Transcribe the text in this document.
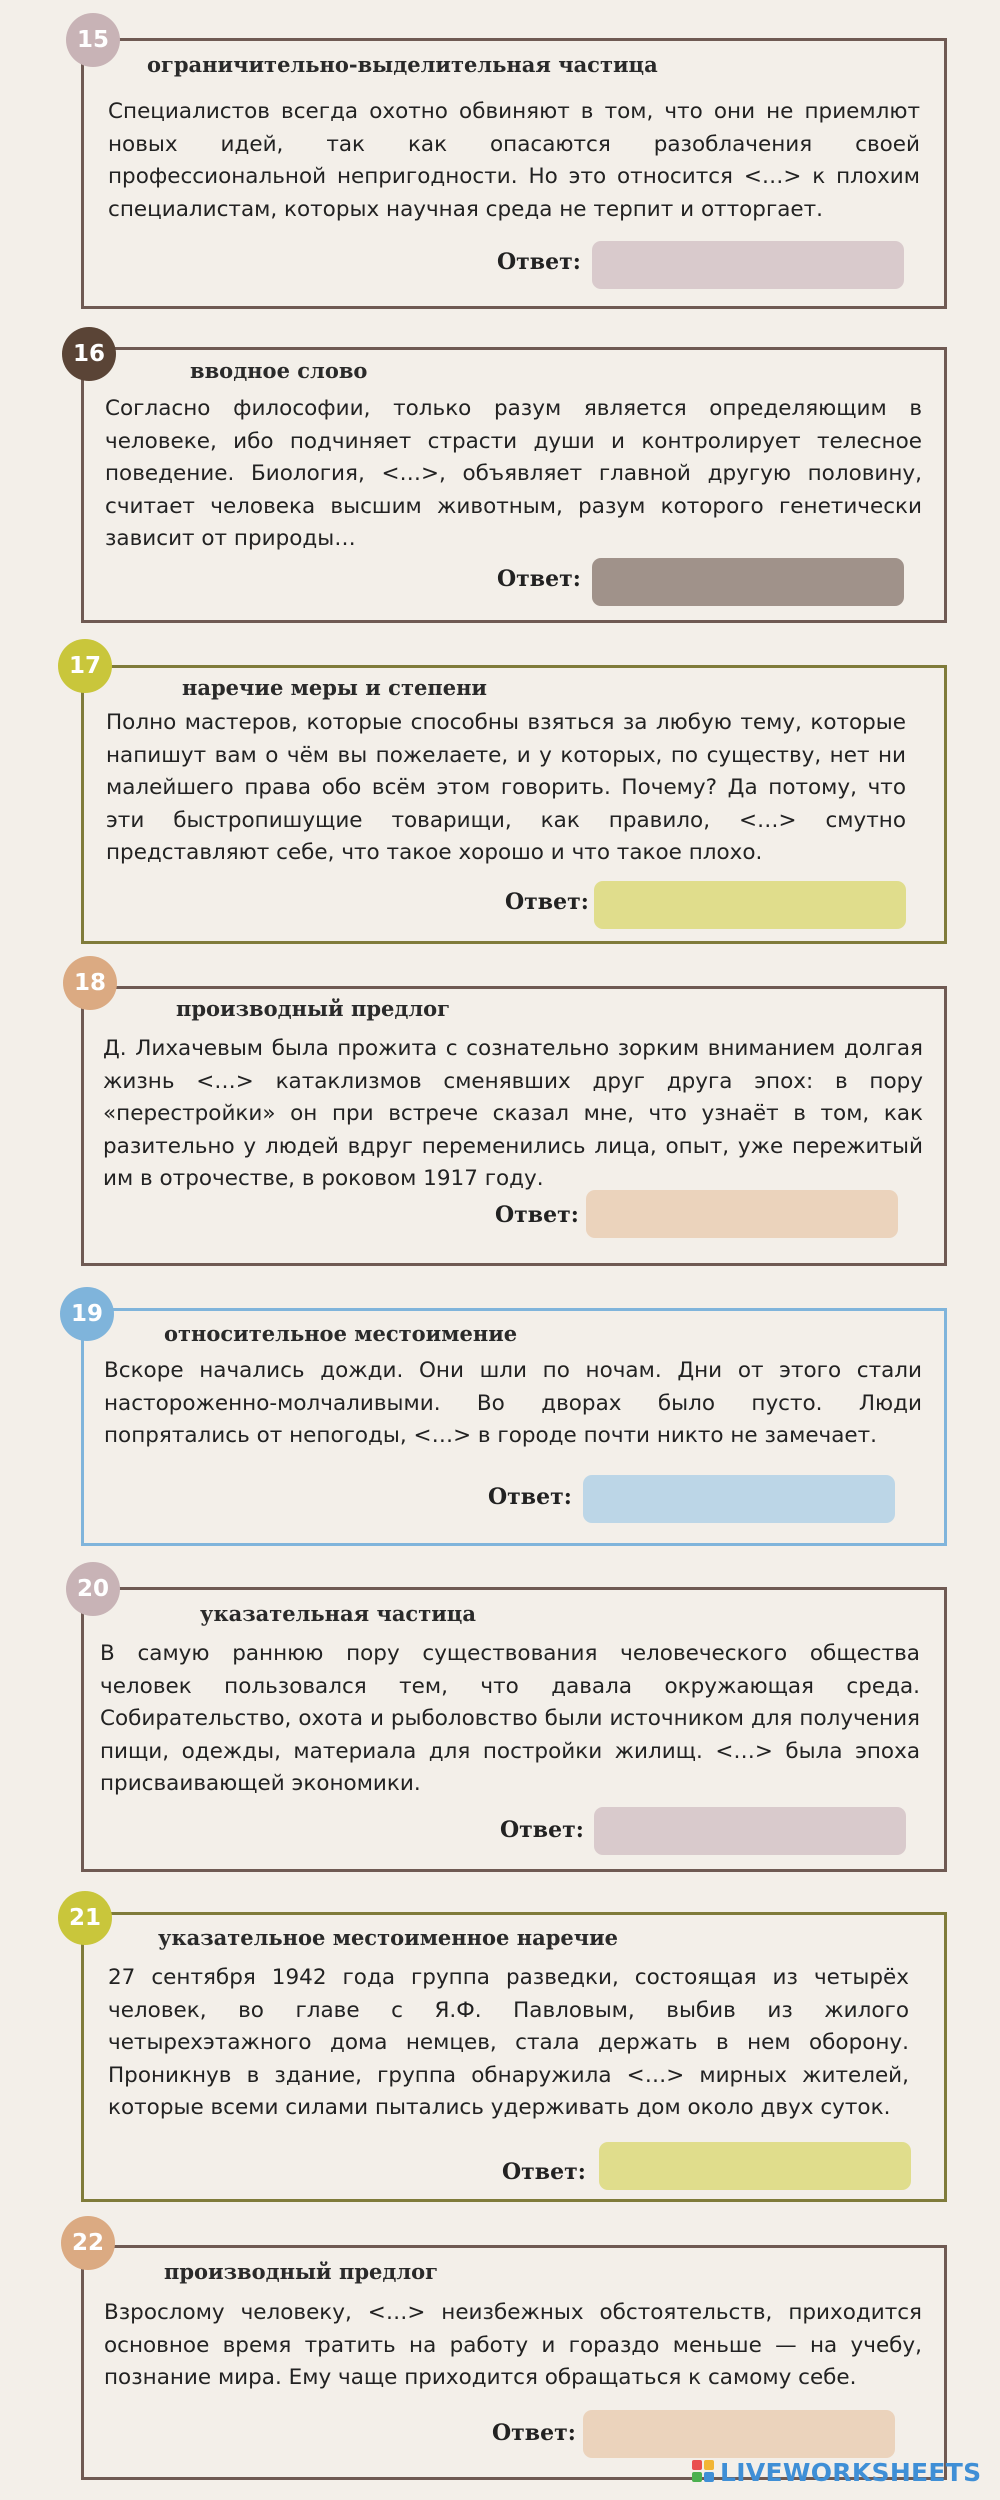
15
ограничительно-выделительная частица
Специалистов всегда охотно обвиняют в том, что они не приемлют новых идей, так как опасаются разоблачения своей профессиональной непригодности. Но это относится <…> к плохим специалистам, которых научная среда не терпит и отторгает.
Ответ:
16
вводное слово
Согласно философии, только разум является определяющим в человеке, ибо подчиняет страсти души и контролирует телесное поведение. Биология, <…>, объявляет главной другую половину, считает человека высшим животным, разум которого генетически зависит от природы…
Ответ:
17
наречие меры и степени
Полно мастеров, которые способны взяться за любую тему, которые напишут вам о чём вы пожелаете, и у которых, по существу, нет ни малейшего права обо всём этом говорить. Почему? Да потому, что эти быстропишущие товарищи, как правило, <…> смутно представляют себе, что такое хорошо и что такое плохо.
Ответ:
18
производный предлог
Д. Лихачевым была прожита с сознательно зорким вниманием долгая жизнь <…> катаклизмов сменявших друг друга эпох: в пору «перестройки» он при встрече сказал мне, что узнаёт в том, как разительно у людей вдруг переменились лица, опыт, уже пережитый им в отрочестве, в роковом 1917 году.
Ответ:
19
относительное местоимение
Вскоре начались дожди. Они шли по ночам. Дни от этого стали настороженно-молчаливыми. Во дворах было пусто. Люди попрятались от непогоды, <…> в городе почти никто не замечает.
Ответ:
20
указательная частица
В самую раннюю пору существования человеческого общества человек пользовался тем, что давала окружающая среда. Собирательство, охота и рыболовство были источником для получения пищи, одежды, материала для постройки жилищ. <…> была эпоха присваивающей экономики.
Ответ:
21
указательное местоименное наречие
27 сентября 1942 года группа разведки, состоящая из четырёх человек, во главе с Я.Ф. Павловым, выбив из жилого четырехэтажного дома немцев, стала держать в нем оборону. Проникнув в здание, группа обнаружила <…> мирных жителей, которые всеми силами пытались удерживать дом около двух суток.
Ответ:
22
производный предлог
Взрослому человеку, <…> неизбежных обстоятельств, приходится основное время тратить на работу и гораздо меньше — на учебу, познание мира. Ему чаще приходится обращаться к самому себе.
Ответ:
LIVEWORKSHEETS
